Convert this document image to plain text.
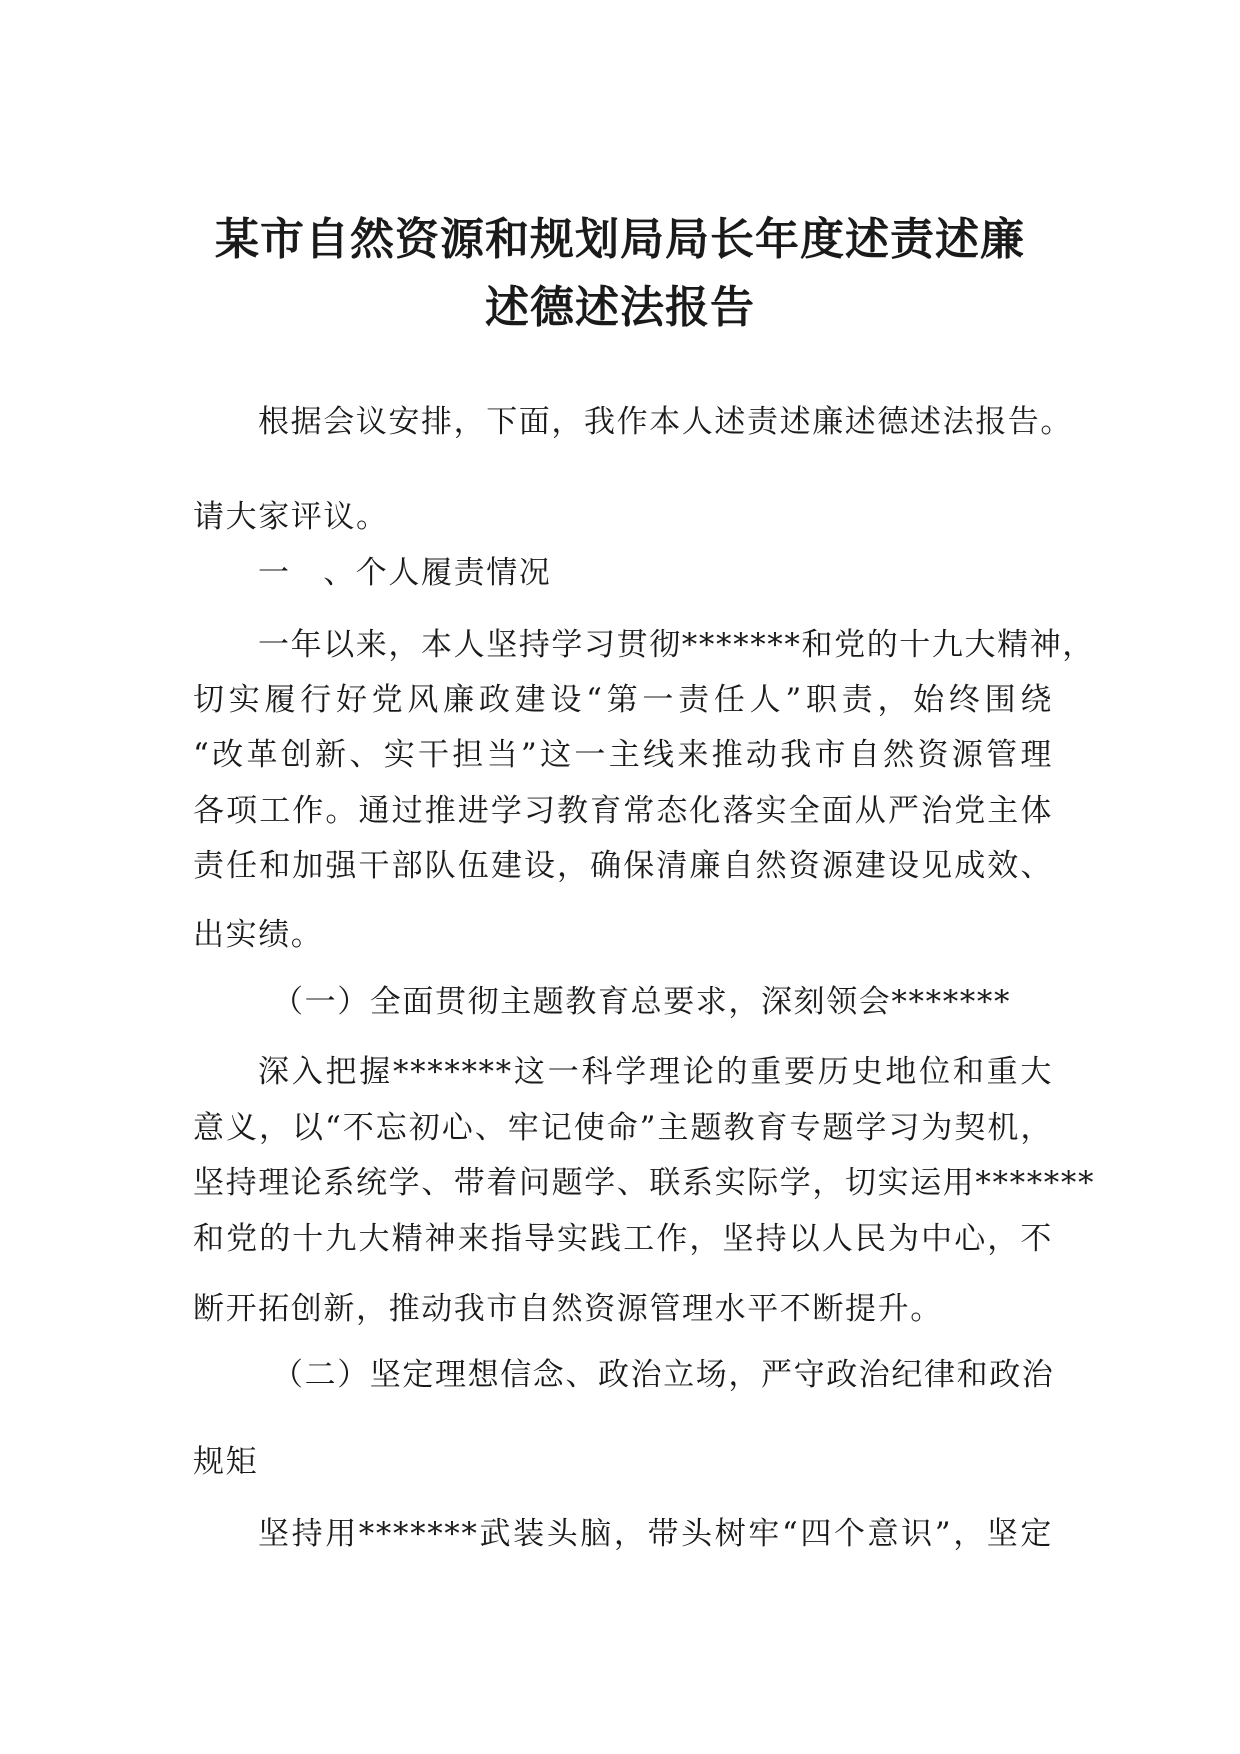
某市自然资源和规划局局长年度述责述廉
述德述法报告
根据会议安排，下面，我作本人述责述廉述德述法报告。
请大家评议。
一　、个人履责情况
一年以来，本人坚持学习贯彻*******和党的十九大精神，
切实履行好党风廉政建设“第一责任人”职责，始终围绕
“改革创新、实干担当”这一主线来推动我市自然资源管理
各项工作。通过推进学习教育常态化落实全面从严治党主体
责任和加强干部队伍建设，确保清廉自然资源建设见成效、
出实绩。
（一）全面贯彻主题教育总要求，深刻领会*******
深入把握*******这一科学理论的重要历史地位和重大
意义，以“不忘初心、牢记使命”主题教育专题学习为契机，
坚持理论系统学、带着问题学、联系实际学，切实运用*******
和党的十九大精神来指导实践工作，坚持以人民为中心，不
断开拓创新，推动我市自然资源管理水平不断提升。
（二）坚定理想信念、政治立场，严守政治纪律和政治
规矩
坚持用*******武装头脑，带头树牢“四个意识”，坚定
